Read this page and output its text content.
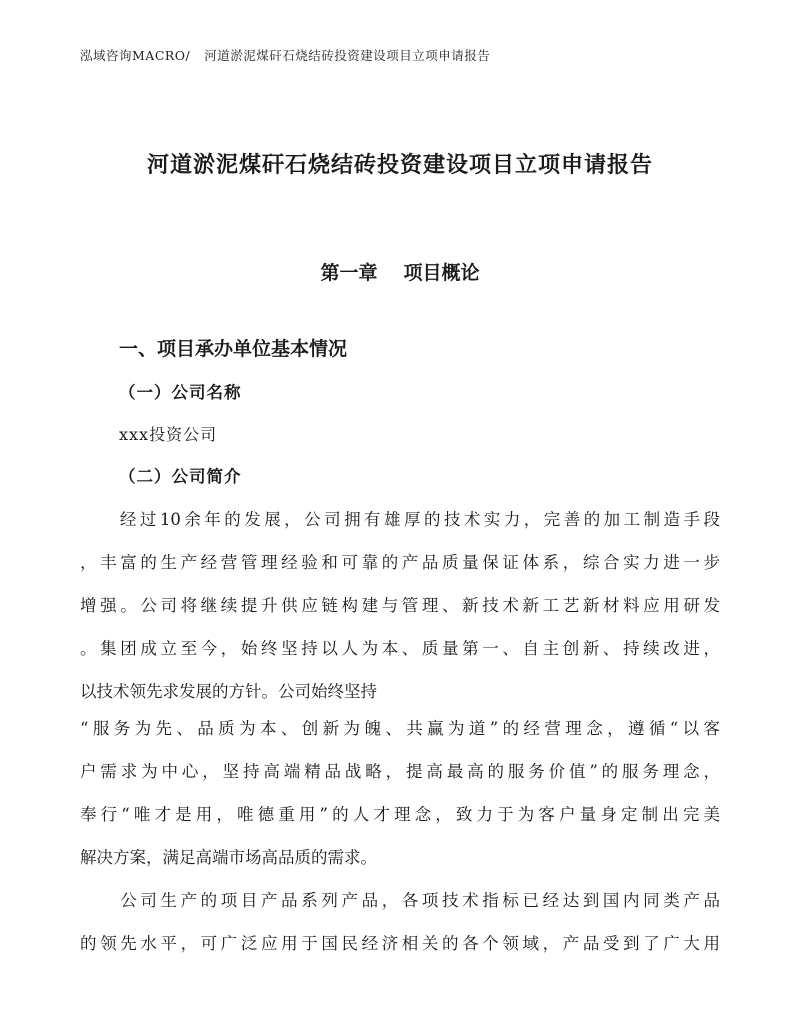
泓域咨询MACRO/ 河道淤泥煤矸石烧结砖投资建设项目立项申请报告
河道淤泥煤矸石烧结砖投资建设项目立项申请报告
第一章 项目概论
一、项目承办单位基本情况
（一）公司名称
xxx投资公司
（二）公司简介
　　经过10余年的发展，公司拥有雄厚的技术实力，完善的加工制造手段
，丰富的生产经营管理经验和可靠的产品质量保证体系，综合实力进一步
增强。公司将继续提升供应链构建与管理、新技术新工艺新材料应用研发
。集团成立至今，始终坚持以人为本、质量第一、自主创新、持续改进，
以技术领先求发展的方针。公司始终坚持
“服务为先、品质为本、创新为魄、共赢为道”的经营理念，遵循“以客
户需求为中心，坚持高端精品战略，提高最高的服务价值”的服务理念，
奉行“唯才是用，唯德重用”的人才理念，致力于为客户量身定制出完美
解决方案，满足高端市场高品质的需求。
　　公司生产的项目产品系列产品，各项技术指标已经达到国内同类产品
的领先水平，可广泛应用于国民经济相关的各个领域，产品受到了广大用
